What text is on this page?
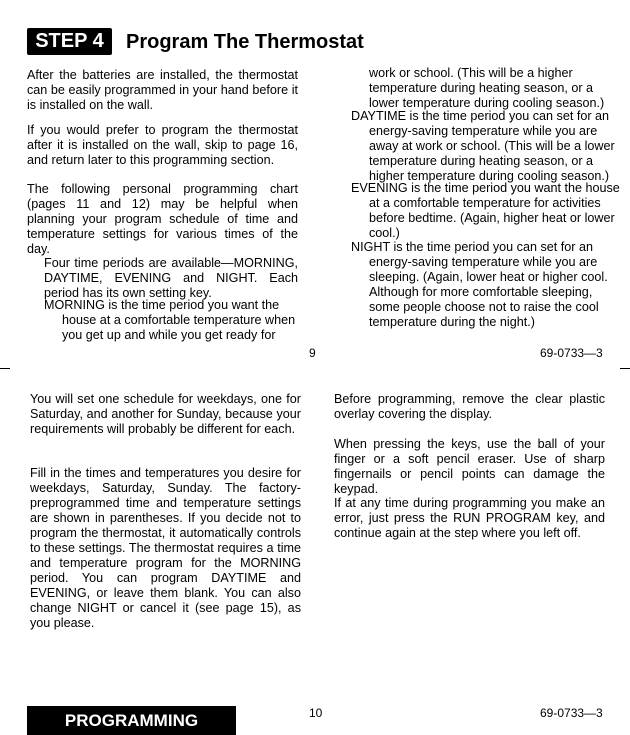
STEP 4	Program The Thermostat

After the batteries are installed, the thermostat can be easily programmed in your hand before it is installed on the wall.

If you would prefer to program the thermostat after it is installed on the wall, skip to page 16, and return later to this programming section.

The following personal programming chart (pages 11 and 12) may be helpful when planning your program schedule of time and temperature settings for various times of the day.

Four time periods are available—MORNING, DAYTIME, EVENING and NIGHT. Each period has its own setting key.

MORNING is the time period you want the house at a comfortable temperature when you get up and while you get ready for

work or school. (This will be a higher temperature during heating season, or a lower temperature during cooling season.)

DAYTIME is the time period you can set for an energy-saving temperature while you are away at work or school. (This will be a lower temperature during heating season, or a higher temperature during cooling season.)

EVENING is the time period you want the house at a comfortable temperature for activities before bedtime. (Again, higher heat or lower cool.)

NIGHT is the time period you can set for an energy-saving temperature while you are sleeping. (Again, lower heat or higher cool. Although for more comfortable sleeping, some people choose not to raise the cool temperature during the night.)

9	69-0733—3

You will set one schedule for weekdays, one for Saturday, and another for Sunday, because your requirements will probably be different for each.

Fill in the times and temperatures you desire for weekdays, Saturday, Sunday. The factory-preprogrammed time and temperature settings are shown in parentheses. If you decide not to program the thermostat, it automatically controls to these settings. The thermostat requires a time and temperature program for the MORNING period. You can program DAYTIME and EVENING, or leave them blank. You can also change NIGHT or cancel it (see page 15), as you please.

Before programming, remove the clear plastic overlay covering the display.

When pressing the keys, use the ball of your finger or a soft pencil eraser. Use of sharp fingernails or pencil points can damage the keypad.

If at any time during programming you make an error, just press the RUN PROGRAM key, and continue again at the step where you left off.

PROGRAMMING	10	69-0733—3
